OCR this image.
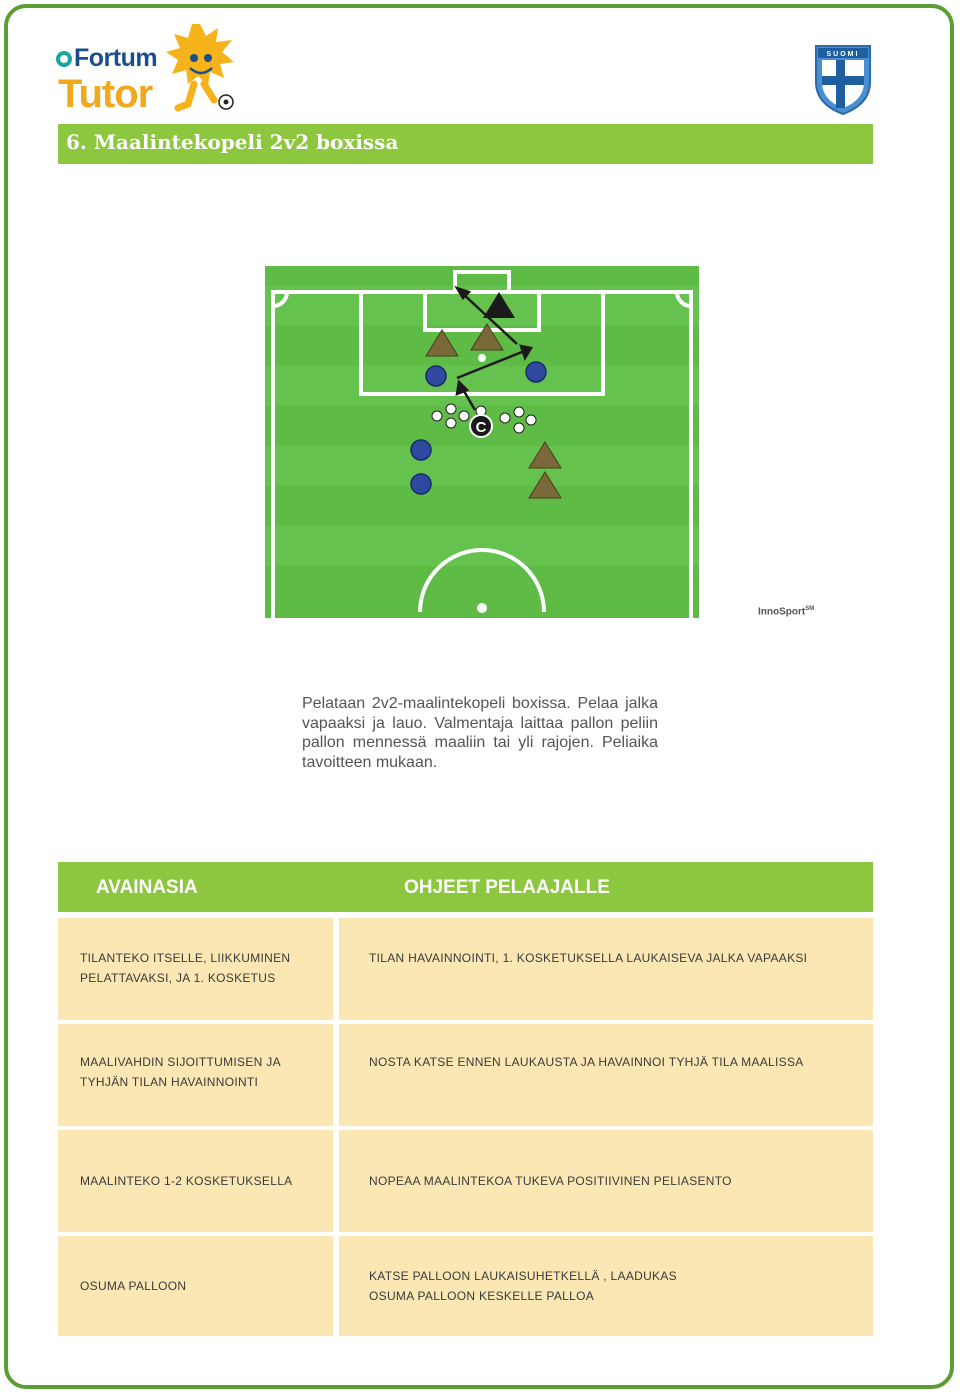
Fortum
Tutor
SUOMI
6. Maalintekopeli 2v2 boxissa
C
InnoSport℠
Pelataan 2v2-maalintekopeli boxissa. Pelaa jalka vapaaksi ja lauo. Valmentaja laittaa pallon peliin pallon mennessä maaliin tai yli rajojen. Peliaika tavoitteen mukaan.
AVAINASIA	OHJEET PELAAJALLE
TILANTEKO ITSELLE, LIIKKUMINEN
PELATTAVAKSI, JA 1. KOSKETUS
TILAN HAVAINNOINTI, 1. KOSKETUKSELLA LAUKAISEVA JALKA VAPAAKSI
MAALIVAHDIN SIJOITTUMISEN JA
TYHJÄN TILAN HAVAINNOINTI
NOSTA KATSE ENNEN LAUKAUSTA JA HAVAINNOI TYHJÄ TILA MAALISSA
MAALINTEKO 1-2 KOSKETUKSELLA	NOPEAA MAALINTEKOA TUKEVA POSITIIVINEN PELIASENTO
OSUMA PALLOON
KATSE PALLOON LAUKAISUHETKELLÄ , LAADUKAS
OSUMA PALLOON KESKELLE PALLOA
